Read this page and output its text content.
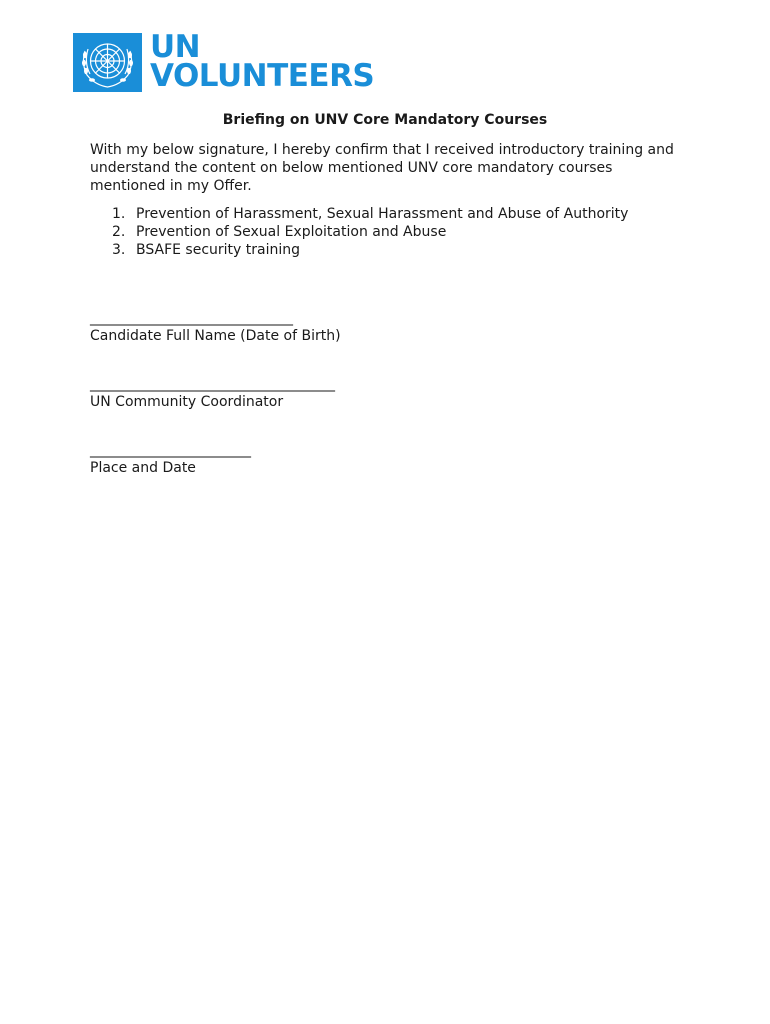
UN
VOLUNTEERS
Briefing on UNV Core Mandatory Courses
With my below signature, I hereby confirm that I received introductory training and
understand the content on below mentioned UNV core mandatory courses
mentioned in my Offer.
1. Prevention of Harassment, Sexual Harassment and Abuse of Authority
2. Prevention of Sexual Exploitation and Abuse
3. BSAFE security training
_____________________________
Candidate Full Name (Date of Birth)
___________________________________
UN Community Coordinator
_______________________
Place and Date
